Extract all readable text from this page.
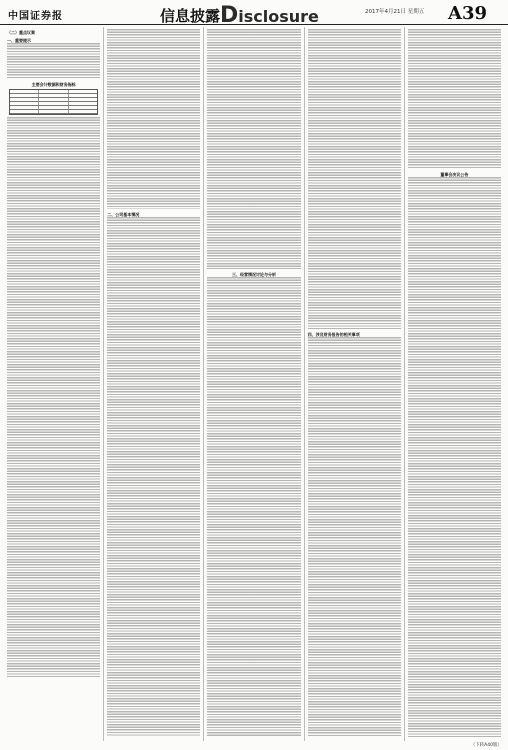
中国证券报	信息披露 Disclosure	2017年4月21日 星期五 A39
（二）重点议案
一、重要提示
主要会计数据和财务指标
二、公司基本情况
三、经营情况讨论与分析
四、涉及财务报告的相关事项
董事会决议公告
（下转A40版）
